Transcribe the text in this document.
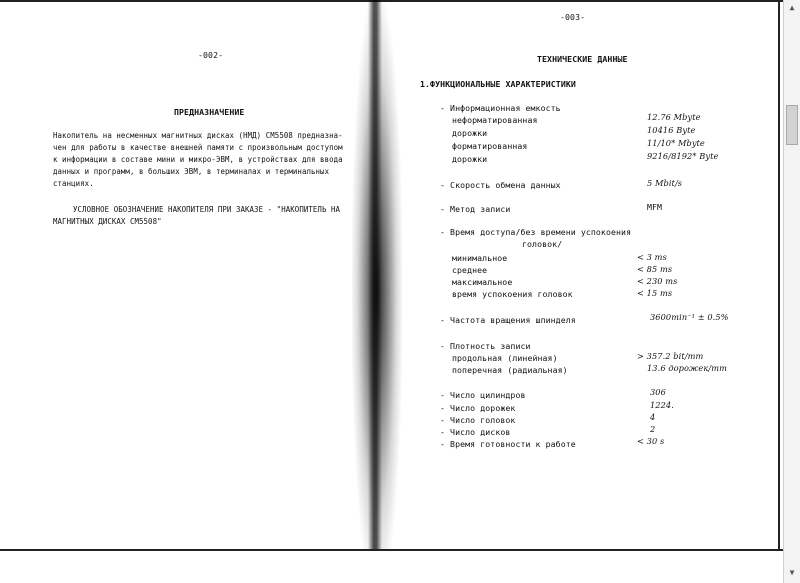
-002-
ПРЕДНАЗНАЧЕНИЕ
Накопитель на несменных магнитных дисках (НМД) СМ5508 предназна-
чен для работы в качестве внешней памяти с произвольным доступом
к информации в составе мини и микро-ЭВМ, в устройствах для ввода
данных и программ, в больших ЭВМ, в терминалах и терминальных
станциях.
УСЛОВНОЕ ОБОЗНАЧЕНИЕ НАКОПИТЕЛЯ ПРИ ЗАКАЗЕ - "НАКОПИТЕЛЬ НА
МАГНИТНЫХ ДИСКАХ СМ5508"
-003-
ТЕХНИЧЕСКИЕ ДАННЫЕ
1.ФУНКЦИОНАЛЬНЫЕ ХАРАКТЕРИСТИКИ
- Информационная емкость
неформатированная	12.76 Mbyte
дорожки	10416 Byte
форматированная	11/10* Mbyte
дорожки	9216/8192* Byte
- Скорость обмена данных	5 Mbit/s
- Метод записи	MFM
- Время доступа/без времени успокоения
головок/
минимальное	< 3 ms
среднее	< 85 ms
максимальное	< 230 ms
время успокоения головок	< 15 ms
- Частота вращения шпинделя	3600min⁻¹ ± 0.5%
- Плотность записи
продольная (линейная)	> 357.2 bit/mm
поперечная (радиальная)	13.6 дорожек/mm
- Число цилиндров	306
- Число дорожек	1224.
- Число головок	4
- Число дисков	2
- Время готовности к работе	< 30 s
▲
▼
